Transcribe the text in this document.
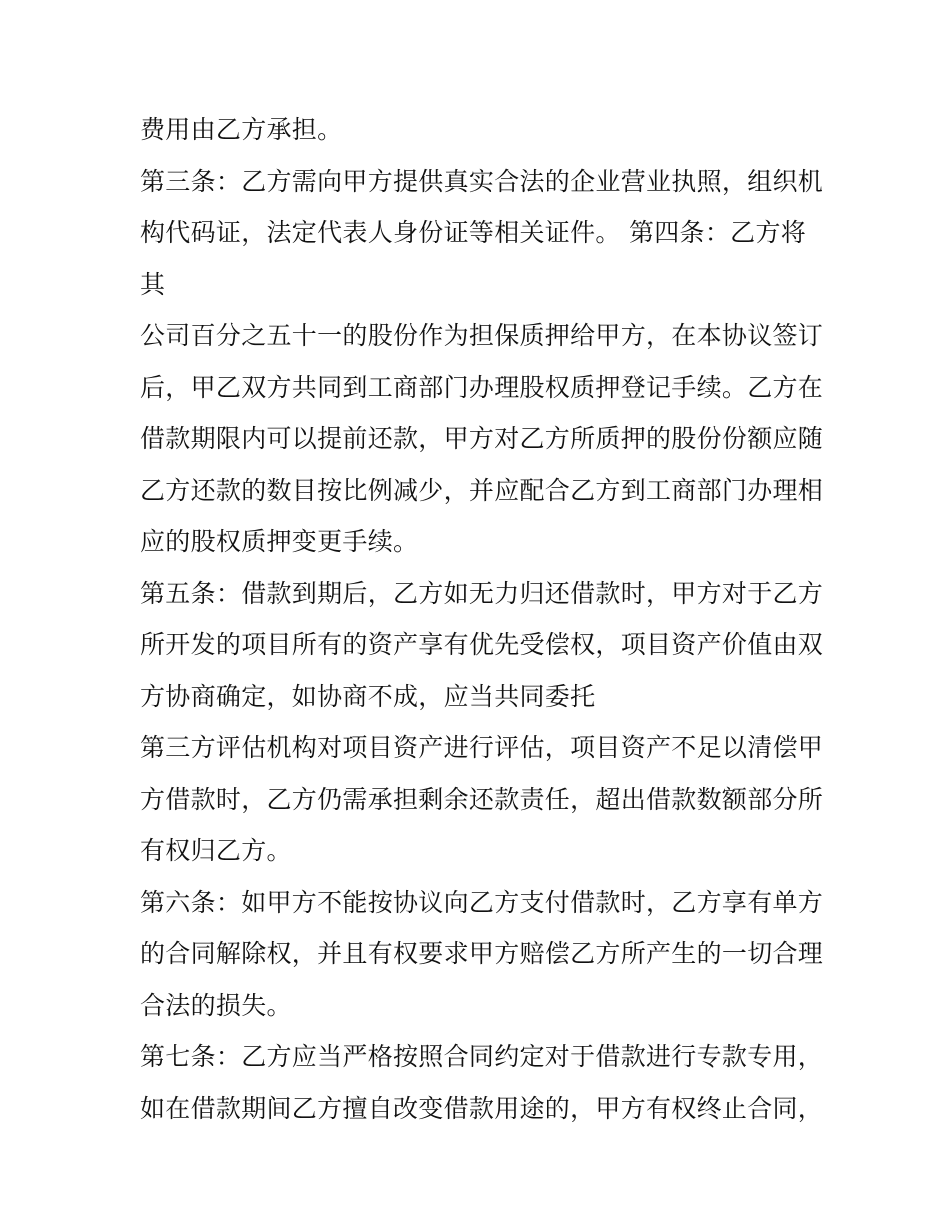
费用由乙方承担。
第三条：乙方需向甲方提供真实合法的企业营业执照，组织机
构代码证，法定代表人身份证等相关证件。 第四条：乙方将
其
公司百分之五十一的股份作为担保质押给甲方，在本协议签订
后，甲乙双方共同到工商部门办理股权质押登记手续。乙方在
借款期限内可以提前还款，甲方对乙方所质押的股份份额应随
乙方还款的数目按比例减少，并应配合乙方到工商部门办理相
应的股权质押变更手续。
第五条：借款到期后，乙方如无力归还借款时，甲方对于乙方
所开发的项目所有的资产享有优先受偿权，项目资产价值由双
方协商确定，如协商不成，应当共同委托
第三方评估机构对项目资产进行评估，项目资产不足以清偿甲
方借款时，乙方仍需承担剩余还款责任，超出借款数额部分所
有权归乙方。
第六条：如甲方不能按协议向乙方支付借款时，乙方享有单方
的合同解除权，并且有权要求甲方赔偿乙方所产生的一切合理
合法的损失。
第七条：乙方应当严格按照合同约定对于借款进行专款专用，
如在借款期间乙方擅自改变借款用途的，甲方有权终止合同，
